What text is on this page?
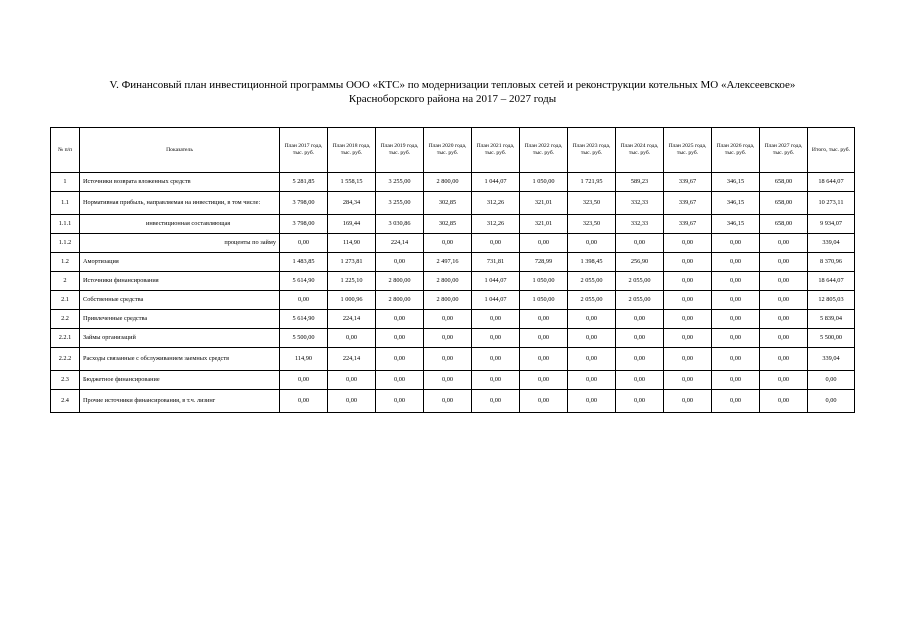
V. Финансовый план инвестиционной программы ООО «КТС» по модернизации тепловых сетей и реконструкции котельных МО «Алексеевское»
Красноборского района на 2017 – 2027 годы
№ п/п	Показатель	План 2017 года, тыс. руб.	План 2018 года, тыс. руб.	План 2019 года, тыс. руб.	План 2020 года, тыс. руб.	План 2021 года, тыс. руб.	План 2022 года, тыс. руб.	План 2023 года, тыс. руб.	План 2024 года, тыс. руб.	План 2025 года, тыс. руб.	План 2026 года, тыс. руб.	План 2027 года, тыс. руб.	Итого, тыс. руб.
1	Источники возврата вложенных средств	5 281,85	1 558,15	3 255,00	2 800,00	1 044,07	1 050,00	1 721,95	589,23	339,67	346,15	658,00	18 644,07
1.1	Нормативная прибыль, направляемая на инвестиции, в том числе:	3 798,00	284,34	3 255,00	302,85	312,26	321,01	323,50	332,33	339,67	346,15	658,00	10 273,11
1.1.1	инвестиционная составляющая	3 798,00	169,44	3 030,86	302,85	312,26	321,01	323,50	332,33	339,67	346,15	658,00	9 934,07
1.1.2	проценты по займу	0,00	114,90	224,14	0,00	0,00	0,00	0,00	0,00	0,00	0,00	0,00	339,04
1.2	Амортизация	1 483,85	1 273,81	0,00	2 497,16	731,81	728,99	1 398,45	256,90	0,00	0,00	0,00	8 370,96
2	Источники финансирования	5 614,90	1 225,10	2 800,00	2 800,00	1 044,07	1 050,00	2 055,00	2 055,00	0,00	0,00	0,00	18 644,07
2.1	Собственные средства	0,00	1 000,96	2 800,00	2 800,00	1 044,07	1 050,00	2 055,00	2 055,00	0,00	0,00	0,00	12 805,03
2.2	Привлеченные средства	5 614,90	224,14	0,00	0,00	0,00	0,00	0,00	0,00	0,00	0,00	0,00	5 839,04
2.2.1	Займы организаций	5 500,00	0,00	0,00	0,00	0,00	0,00	0,00	0,00	0,00	0,00	0,00	5 500,00
2.2.2	Расходы связанные с обслуживанием заемных средств	114,90	224,14	0,00	0,00	0,00	0,00	0,00	0,00	0,00	0,00	0,00	339,04
2.3	Бюджетное финансирование	0,00	0,00	0,00	0,00	0,00	0,00	0,00	0,00	0,00	0,00	0,00	0,00
2.4	Прочие источники финансирования, в т.ч. лизинг	0,00	0,00	0,00	0,00	0,00	0,00	0,00	0,00	0,00	0,00	0,00	0,00
